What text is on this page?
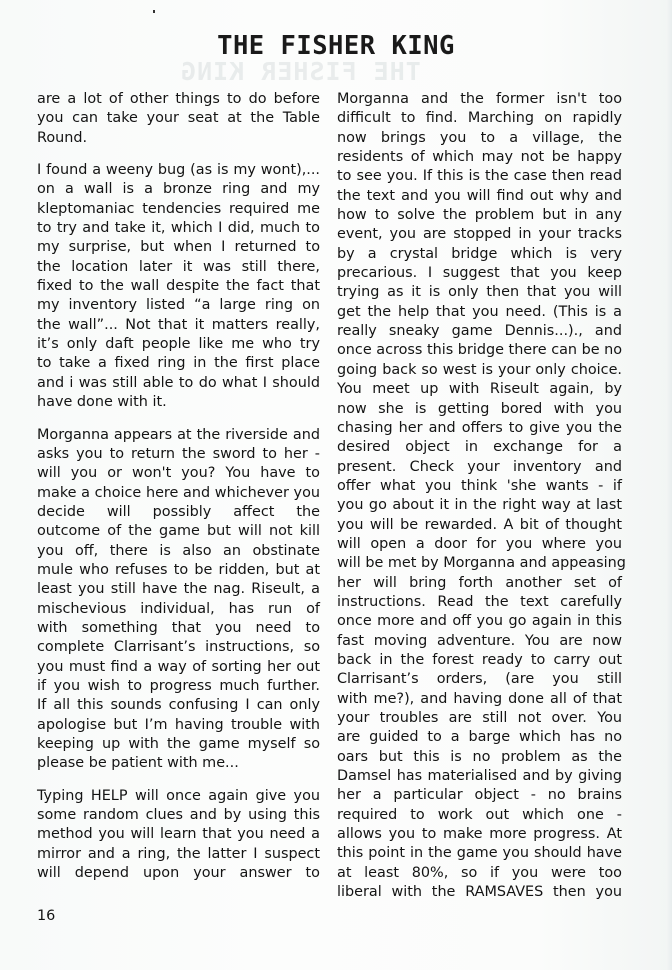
THE FISHER KING
THE FISHER KING
are a lot of other things to do before
you can take your seat at the Table
Round.
I found a weeny bug (as is my wont),...
on a wall is a bronze ring and my
kleptomaniac tendencies required me
to try and take it, which I did, much to
my surprise, but when I returned to
the location later it was still there,
fixed to the wall despite the fact that
my inventory listed “a large ring on
the wall”... Not that it matters really,
it’s only daft people like me who try
to take a fixed ring in the first place
and i was still able to do what I should
have done with it.
Morganna appears at the riverside and
asks you to return the sword to her -
will you or won't you? You have to
make a choice here and whichever you
decide will possibly affect the
outcome of the game but will not kill
you off, there is also an obstinate
mule who refuses to be ridden, but at
least you still have the nag. Riseult, a
mischevious individual, has run of
with something that you need to
complete Clarrisant’s instructions, so
you must find a way of sorting her out
if you wish to progress much further.
If all this sounds confusing I can only
apologise but I’m having trouble with
keeping up with the game myself so
please be patient with me...
Typing HELP will once again give you
some random clues and by using this
method you will learn that you need a
mirror and a ring, the latter I suspect
will depend upon your answer to
Morganna and the former isn't too
difficult to find. Marching on rapidly
now brings you to a village, the
residents of which may not be happy
to see you. If this is the case then read
the text and you will find out why and
how to solve the problem but in any
event, you are stopped in your tracks
by a crystal bridge which is very
precarious. I suggest that you keep
trying as it is only then that you will
get the help that you need. (This is a
really sneaky game Dennis...)., and
once across this bridge there can be no
going back so west is your only choice.
You meet up with Riseult again, by
now she is getting bored with you
chasing her and offers to give you the
desired object in exchange for a
present. Check your inventory and
offer what you think 'she wants - if
you go about it in the right way at last
you will be rewarded. A bit of thought
will open a door for you where you
will be met by Morganna and appeasing
her will bring forth another set of
instructions. Read the text carefully
once more and off you go again in this
fast moving adventure. You are now
back in the forest ready to carry out
Clarrisant’s orders, (are you still
with me?), and having done all of that
your troubles are still not over. You
are guided to a barge which has no
oars but this is no problem as the
Damsel has materialised and by giving
her a particular object - no brains
required to work out which one -
allows you to make more progress. At
this point in the game you should have
at least 80%, so if you were too
liberal with the RAMSAVES then you
16
